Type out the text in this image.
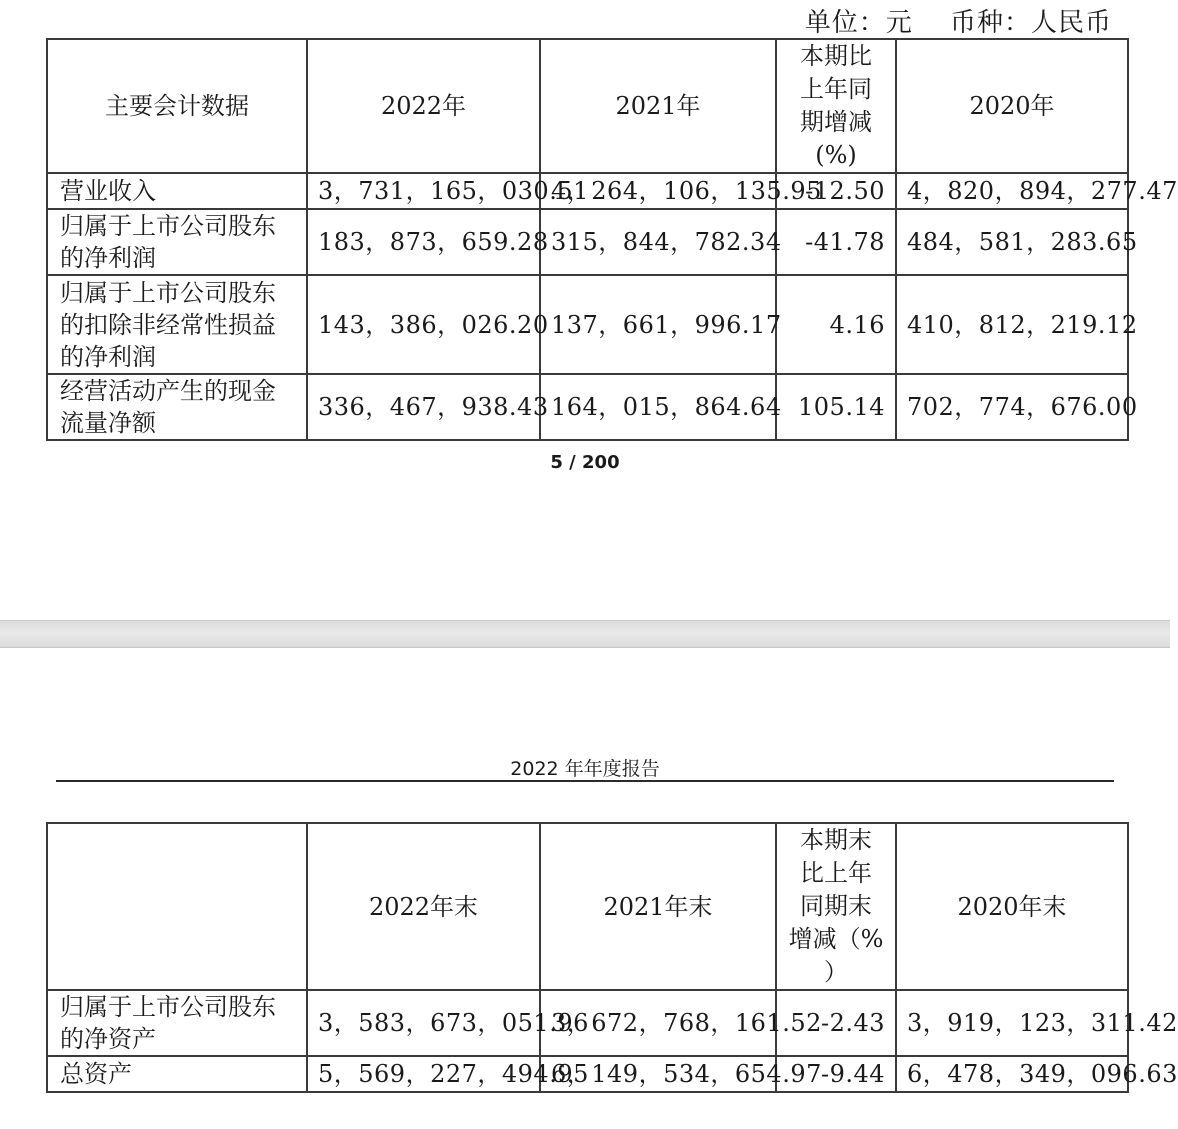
单位：元 币种：人民币
主要会计数据	2022年	2021年	本期比
上年同
期增减
(%)	2020年
营业收入	3，731，165，030.51	4，264，106，135.95	-12.50	4，820，894，277.47
归属于上市公司股东的净利润	183，873，659.28	315，844，782.34	-41.78	484，581，283.65
归属于上市公司股东的扣除非经常性损益的净利润	143，386，026.20	137，661，996.17	4.16	410，812，219.12
经营活动产生的现金流量净额	336，467，938.43	164，015，864.64	105.14	702，774，676.00
5 / 200
2022 年年度报告
	2022年末	2021年末	本期末
比上年
同期末
增减（%
）	2020年末
归属于上市公司股东的净资产	3，583，673，051.96	3，672，768，161.52	-2.43	3，919，123，311.42
总资产	5，569，227，494.95	6，149，534，654.97	-9.44	6，478，349，096.63
